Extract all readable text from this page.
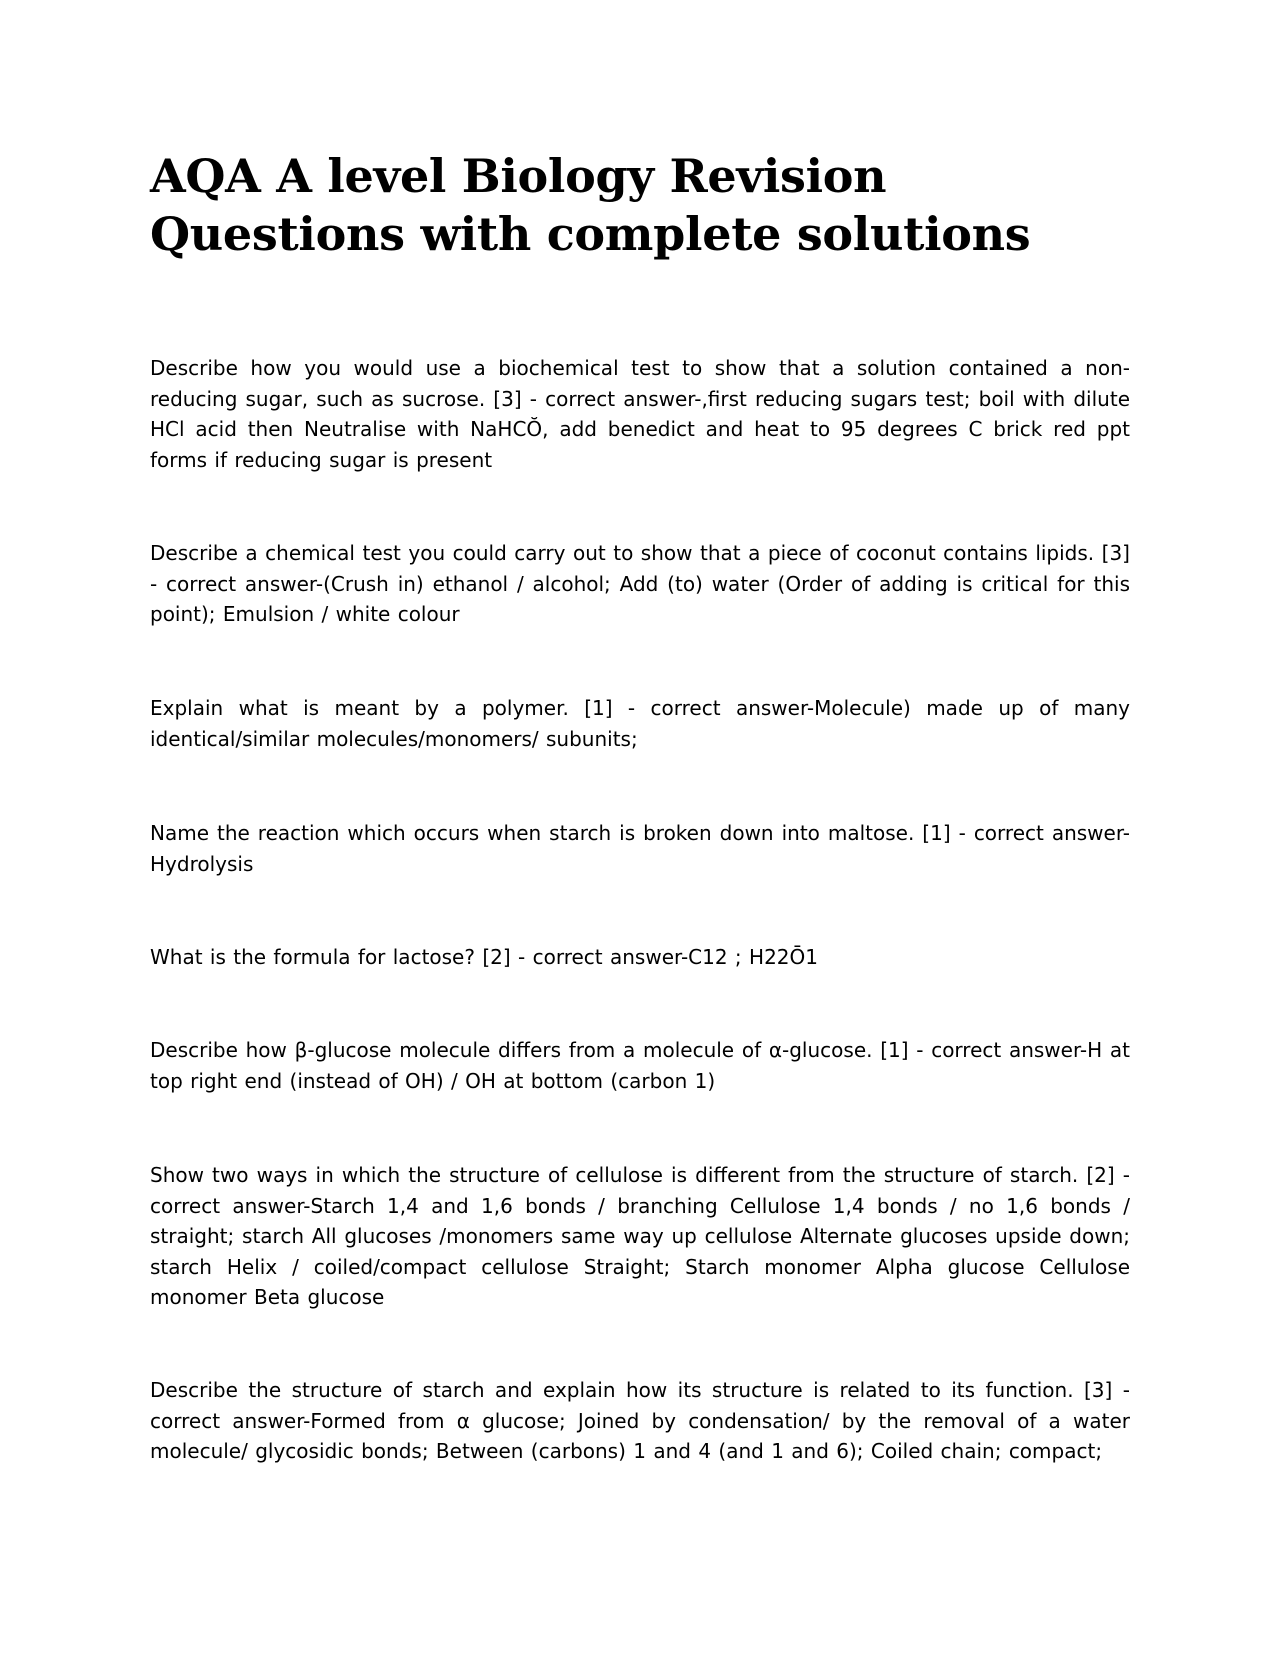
AQA A level Biology Revision Questions with complete solutions

Describe how you would use a biochemical test to show that a solution contained a non-reducing sugar, such as sucrose. [3] - correct answer-,first reducing sugars test; boil with dilute HCl acid then Neutralise with NaHCŎ, add benedict and heat to 95 degrees C brick red ppt forms if reducing sugar is present

Describe a chemical test you could carry out to show that a piece of coconut contains lipids. [3] - correct answer-(Crush in) ethanol / alcohol; Add (to) water (Order of adding is critical for this point); Emulsion / white colour

Explain what is meant by a polymer. [1] - correct answer-Molecule) made up of many identical/similar molecules/monomers/ subunits;

Name the reaction which occurs when starch is broken down into maltose. [1] - correct answer-Hydrolysis

What is the formula for lactose? [2] - correct answer-C12 ; H22Ō1

Describe how β-glucose molecule differs from a molecule of α-glucose. [1] - correct answer-H at top right end (instead of OH) / OH at bottom (carbon 1)

Show two ways in which the structure of cellulose is different from the structure of starch. [2] - correct answer-Starch 1,4 and 1,6 bonds / branching Cellulose 1,4 bonds / no 1,6 bonds / straight; starch All glucoses /monomers same way up cellulose Alternate glucoses upside down; starch Helix / coiled/compact cellulose Straight; Starch monomer Alpha glucose Cellulose monomer Beta glucose

Describe the structure of starch and explain how its structure is related to its function. [3] - correct answer-Formed from α glucose; Joined by condensation/ by the removal of a water molecule/ glycosidic bonds; Between (carbons) 1 and 4 (and 1 and 6); Coiled chain; compact;
